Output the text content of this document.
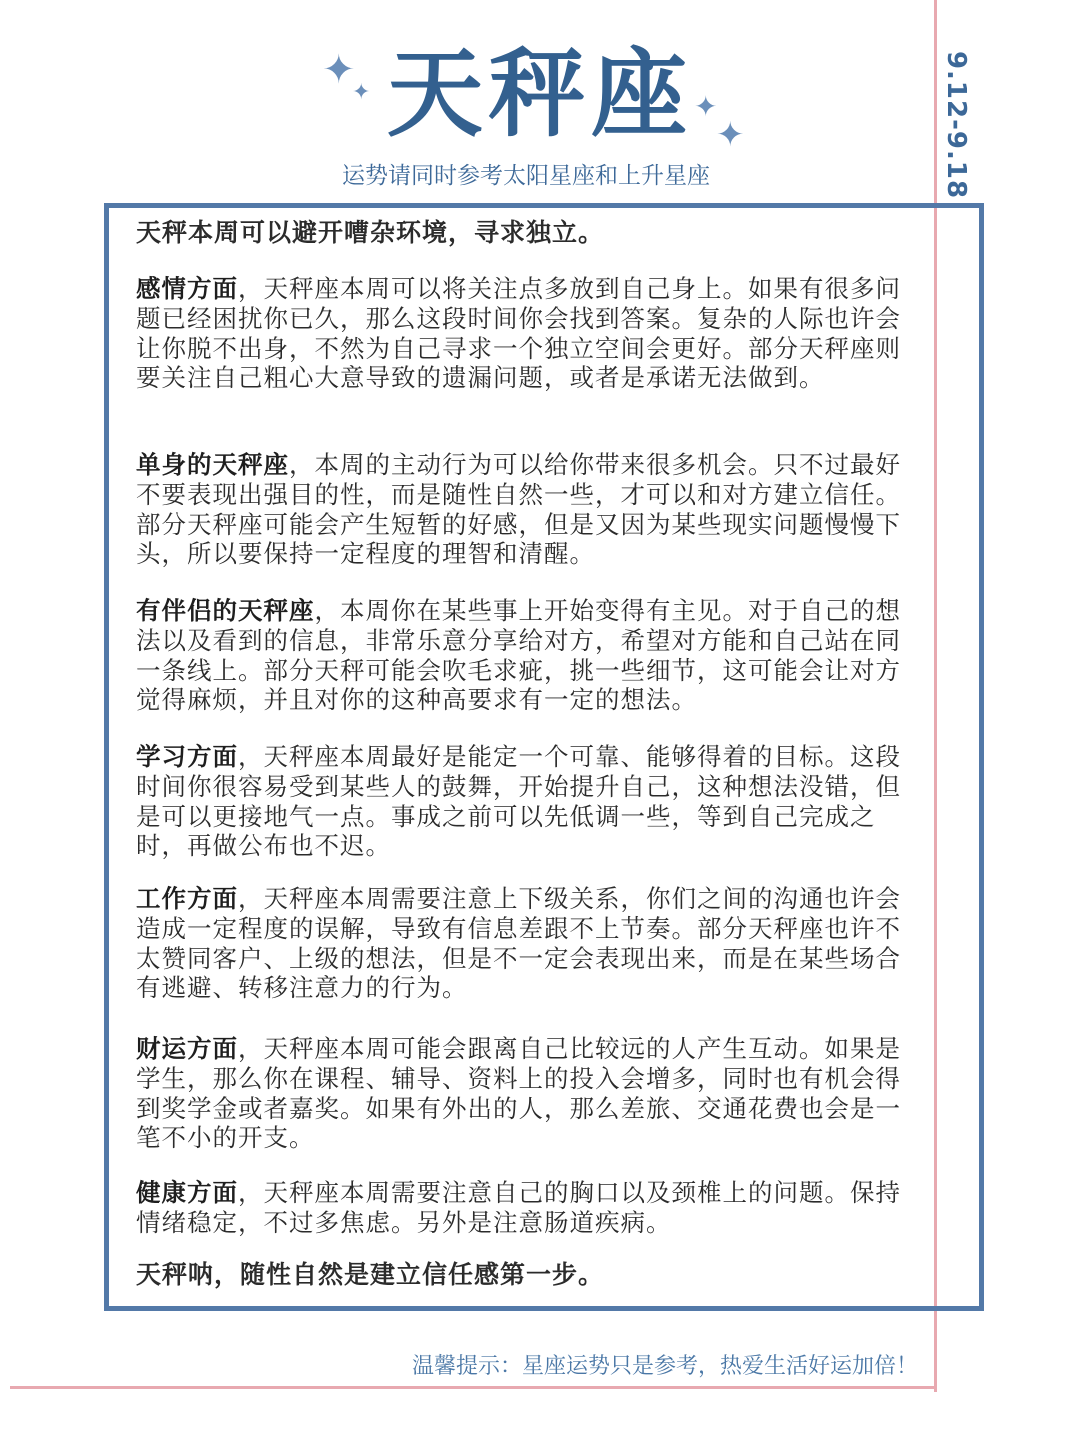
✦
✦	✦
✦
天秤座
运势请同时参考太阳星座和上升星座	9.12-9.18

天秤本周可以避开嘈杂环境，寻求独立。

感情方面，天秤座本周可以将关注点多放到自己身上。如果有很多问题已经困扰你已久，那么这段时间你会找到答案。复杂的人际也许会让你脱不出身，不然为自己寻求一个独立空间会更好。部分天秤座则要关注自己粗心大意导致的遗漏问题，或者是承诺无法做到。

单身的天秤座，本周的主动行为可以给你带来很多机会。只不过最好不要表现出强目的性，而是随性自然一些，才可以和对方建立信任。部分天秤座可能会产生短暂的好感，但是又因为某些现实问题慢慢下头，所以要保持一定程度的理智和清醒。

有伴侣的天秤座，本周你在某些事上开始变得有主见。对于自己的想法以及看到的信息，非常乐意分享给对方，希望对方能和自己站在同一条线上。部分天秤可能会吹毛求疵，挑一些细节，这可能会让对方觉得麻烦，并且对你的这种高要求有一定的想法。

学习方面，天秤座本周最好是能定一个可靠、能够得着的目标。这段时间你很容易受到某些人的鼓舞，开始提升自己，这种想法没错，但是可以更接地气一点。事成之前可以先低调一些，等到自己完成之时，再做公布也不迟。

工作方面，天秤座本周需要注意上下级关系，你们之间的沟通也许会造成一定程度的误解，导致有信息差跟不上节奏。部分天秤座也许不太赞同客户、上级的想法，但是不一定会表现出来，而是在某些场合有逃避、转移注意力的行为。

财运方面，天秤座本周可能会跟离自己比较远的人产生互动。如果是学生，那么你在课程、辅导、资料上的投入会增多，同时也有机会得到奖学金或者嘉奖。如果有外出的人，那么差旅、交通花费也会是一笔不小的开支。

健康方面，天秤座本周需要注意自己的胸口以及颈椎上的问题。保持情绪稳定，不过多焦虑。另外是注意肠道疾病。

天秤呐，随性自然是建立信任感第一步。

温馨提示：星座运势只是参考，热爱生活好运加倍！
